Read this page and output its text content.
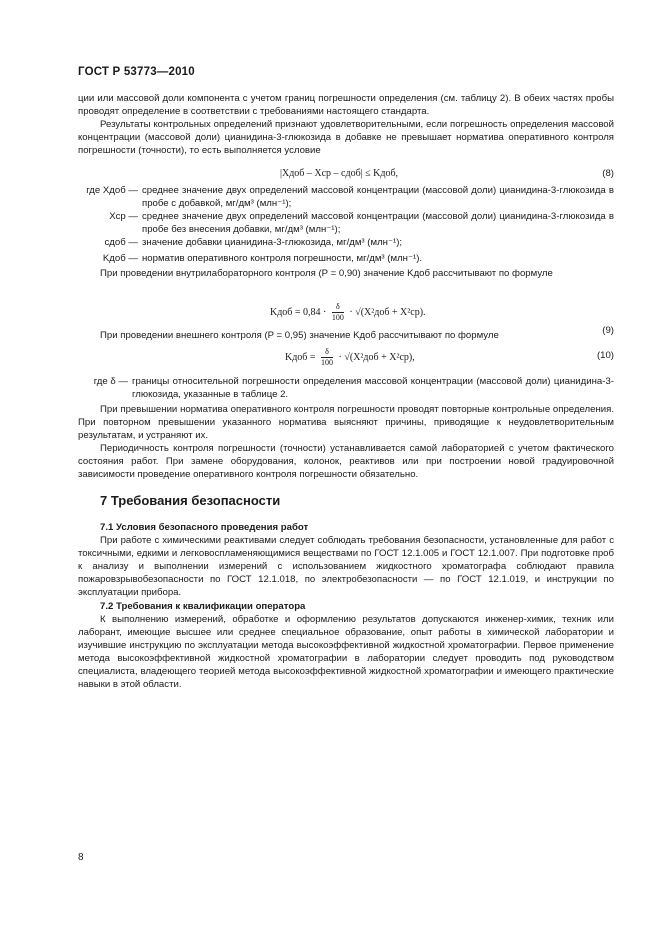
ГОСТ Р 53773—2010

ции или массовой доли компонента с учетом границ погрешности определения (см. таблицу 2). В обеих частях пробы проводят определение в соответствии с требованиями настоящего стандарта.

Результаты контрольных определений признают удовлетворительными, если погрешность определения массовой концентрации (массовой доли) цианидина-3-глюкозида в добавке не превышает норматива оперативного контроля погрешности (точности), то есть выполняется условие

|Xдоб – Xср – cдоб| ≤ Kдоб,	(8)
где Xдоб — среднее значение двух определений массовой концентрации (массовой доли) цианидина-3-глюкозида в пробе с добавкой, мг/дм³ (млн⁻¹);
Xср — среднее значение двух определений массовой концентрации (массовой доли) цианидина-3-глюкозида в пробе без внесения добавки, мг/дм³ (млн⁻¹);
cдоб — значение добавки цианидина-3-глюкозида, мг/дм³ (млн⁻¹);
Kдоб — норматив оперативного контроля погрешности, мг/дм³ (млн⁻¹).

При проведении внутрилабораторного контроля (P = 0,90) значение Kдоб рассчитывают по формуле

Kдоб = $0,84 \cdot \frac{\delta}{100} \cdot √(X^2доб + X^2ср)$.
(9)

При проведении внешнего контроля (P = 0,95) значение Kдоб рассчитывают по формуле

Kдоб = $\frac{\delta}{100} \cdot √(X^2доб + X^2ср)$,	(10)
где δ — границы относительной погрешности определения массовой концентрации (массовой доли) цианидина-3-глюкозида, указанные в таблице 2.

При превышении норматива оперативного контроля погрешности проводят повторные контрольные определения. При повторном превышении указанного норматива выясняют причины, приводящие к неудовлетворительным результатам, и устраняют их.

Периодичность контроля погрешности (точности) устанавливается самой лабораторией с учетом фактического состояния работ. При замене оборудования, колонок, реактивов или при построении новой градуировочной зависимости проведение оперативного контроля погрешности обязательно.

7 Требования безопасности

7.1 Условия безопасного проведения работ

При работе с химическими реактивами следует соблюдать требования безопасности, установленные для работ с токсичными, едкими и легковоспламеняющимися веществами по ГОСТ 12.1.005 и ГОСТ 12.1.007. При подготовке проб к анализу и выполнении измерений с использованием жидкостного хроматографа соблюдают правила пожаровзрывобезопасности по ГОСТ 12.1.018, по электробезопасности — по ГОСТ 12.1.019, и инструкции по эксплуатации прибора.

7.2 Требования к квалификации оператора

К выполнению измерений, обработке и оформлению результатов допускаются инженер-химик, техник или лаборант, имеющие высшее или среднее специальное образование, опыт работы в химической лаборатории и изучившие инструкцию по эксплуатации метода высокоэффективной жидкостной хроматографии. Первое применение метода высокоэффективной жидкостной хроматографии в лаборатории следует проводить под руководством специалиста, владеющего теорией метода высокоэффективной жидкостной хроматографии и имеющего практические навыки в этой области.

8
